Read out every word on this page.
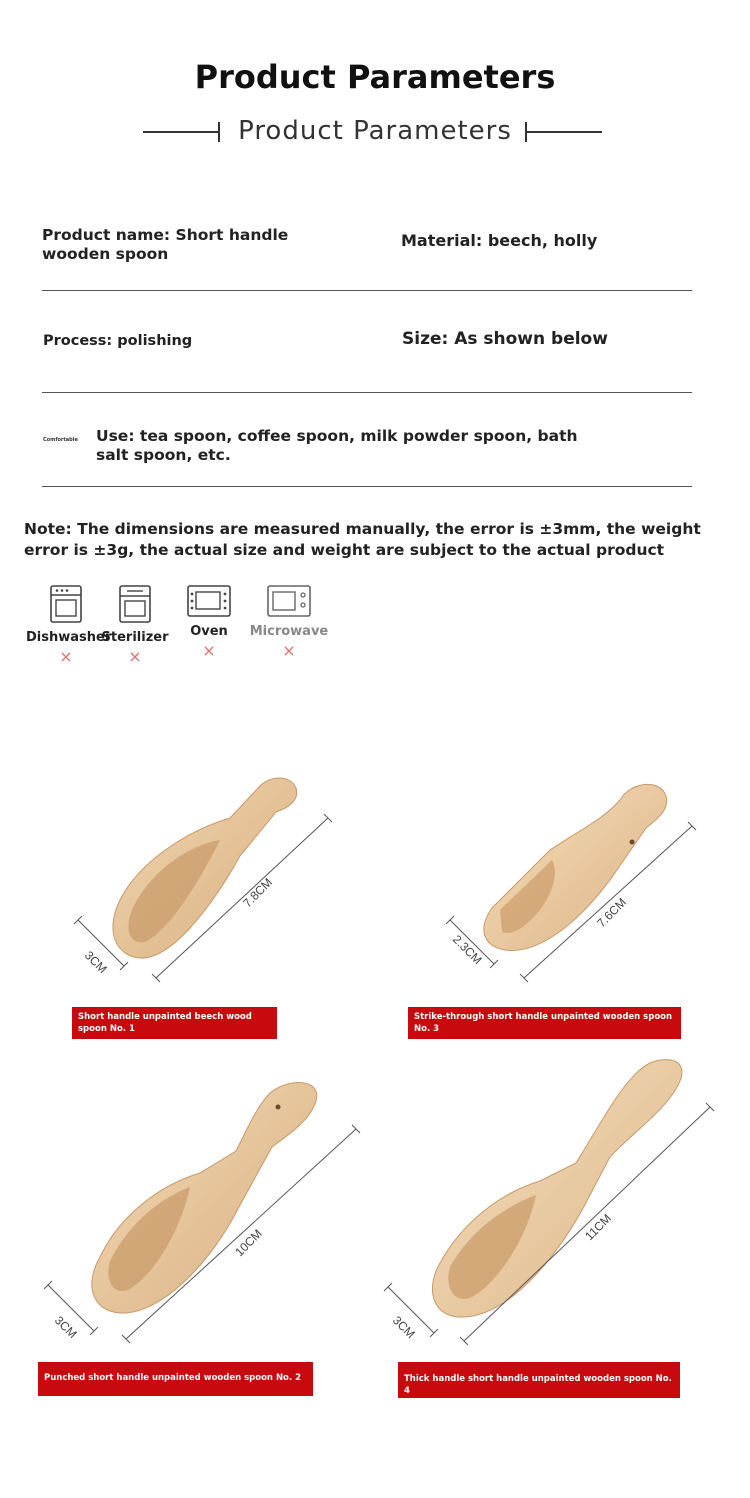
Product Parameters
Product Parameters
Product name: Short handle wooden spoon
Material: beech, holly
Process: polishing	Size: As shown below
Comfortable Use: tea spoon, coffee spoon, milk powder spoon, bath salt spoon, etc.
Note: The dimensions are measured manually, the error is ±3mm, the weight error is ±3g, the actual size and weight are subject to the actual product
Dishwasher
×
Sterilizer
×
Oven
×
Microwave
×
7.8CM
3CM
Short handle unpainted beech wood spoon No. 1
7.6CM
2.3CM
Strike-through short handle unpainted wooden spoon No. 3
10CM
3CM
Punched short handle unpainted wooden spoon No. 2
11CM
3CM
Thick handle short handle unpainted wooden spoon No. 4
